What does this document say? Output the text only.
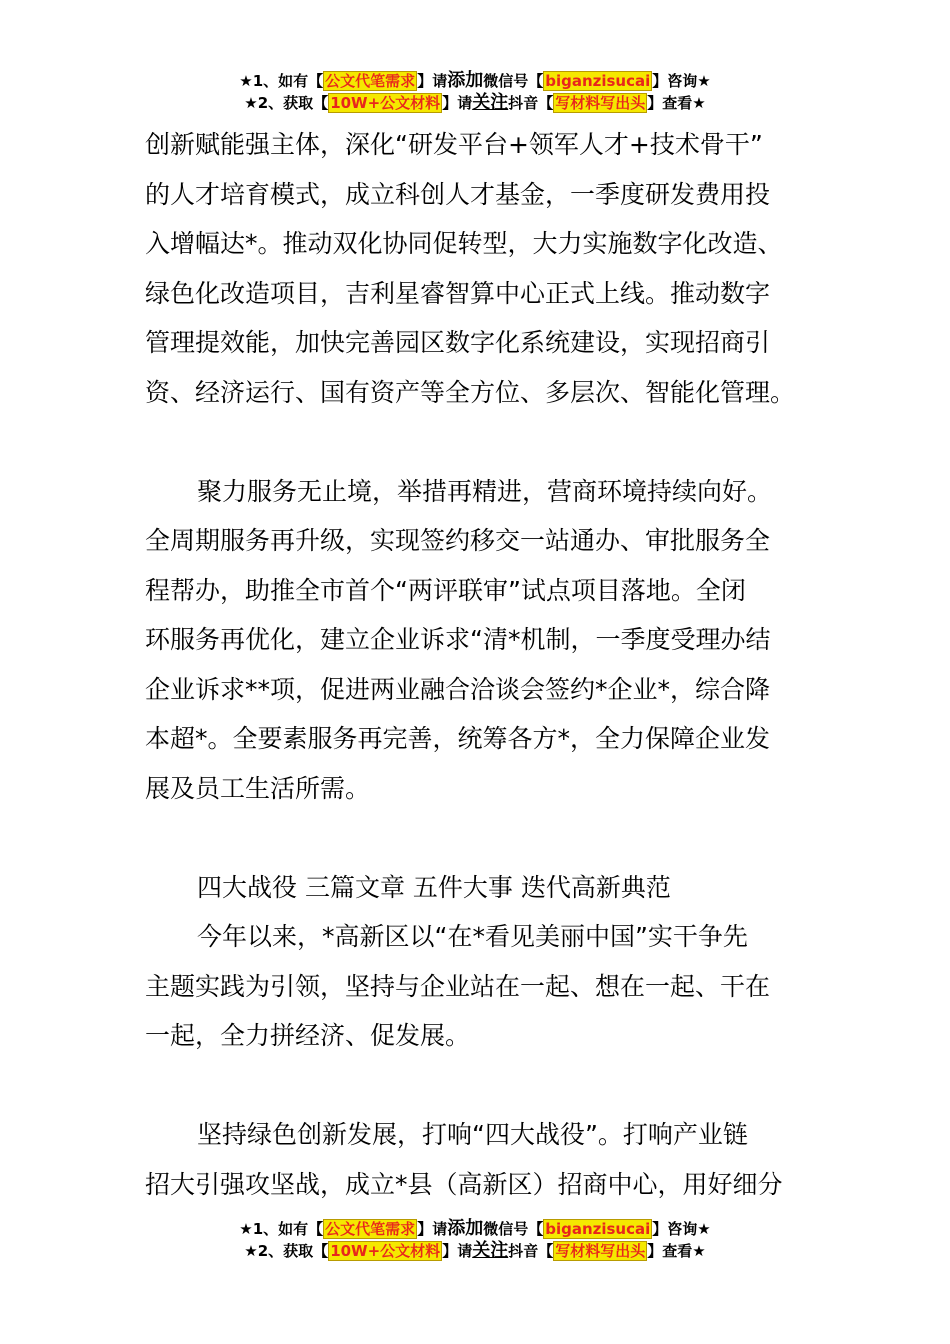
★1、如有【 公文代笔需求 】请添加微信号【 biganzisucai 】咨询★
★2、获取【 10W+公文材料 】请关注抖音【 写材料写出头 】查看★

创新赋能强主体，深化“研发平台+领军人才+技术骨干”

的人才培育模式，成立科创人才基金，一季度研发费用投

入增幅达*。推动双化协同促转型，大力实施数字化改造、

绿色化改造项目，吉利星睿智算中心正式上线。推动数字

管理提效能，加快完善园区数字化系统建设，实现招商引

资、经济运行、国有资产等全方位、多层次、智能化管理。

聚力服务无止境，举措再精进，营商环境持续向好。

全周期服务再升级，实现签约移交一站通办、审批服务全

程帮办，助推全市首个“两评联审”试点项目落地。全闭

环服务再优化，建立企业诉求“清*机制，一季度受理办结

企业诉求**项，促进两业融合洽谈会签约*企业*，综合降

本超*。全要素服务再完善，统筹各方*，全力保障企业发

展及员工生活所需。

四大战役 三篇文章 五件大事 迭代高新典范

今年以来，*高新区以“在*看见美丽中国”实干争先

主题实践为引领，坚持与企业站在一起、想在一起、干在

一起，全力拼经济、促发展。

坚持绿色创新发展，打响“四大战役”。打响产业链

招大引强攻坚战，成立*县（高新区）招商中心，用好细分

★1、如有【 公文代笔需求 】请添加微信号【 biganzisucai 】咨询★
★2、获取【 10W+公文材料 】请关注抖音【 写材料写出头 】查看★
